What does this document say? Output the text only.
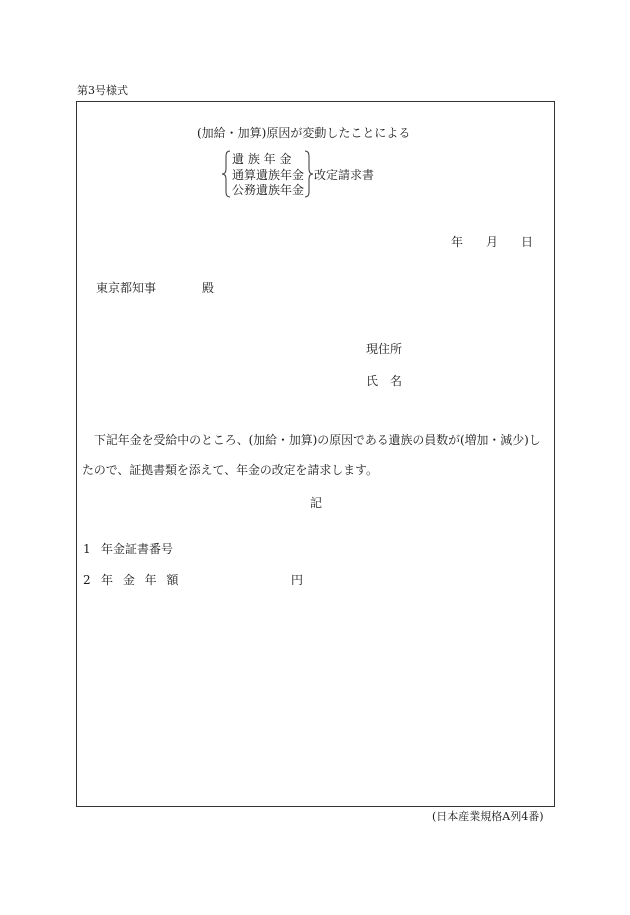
第3号様式
(加給・加算)原因が変動したことによる
遺 族 年 金
通算遺族年金
公務遺族年金
改定請求書
年 月 日
東京都知事	殿
現住所
氏　名
下記年金を受給中のところ、(加給・加算)の原因である遺族の員数が(増加・減少)し
たので、証拠書類を添えて、年金の改定を請求します。
記
1 年金証書番号
2 年 金 年 額	円
(日本産業規格A列4番)
